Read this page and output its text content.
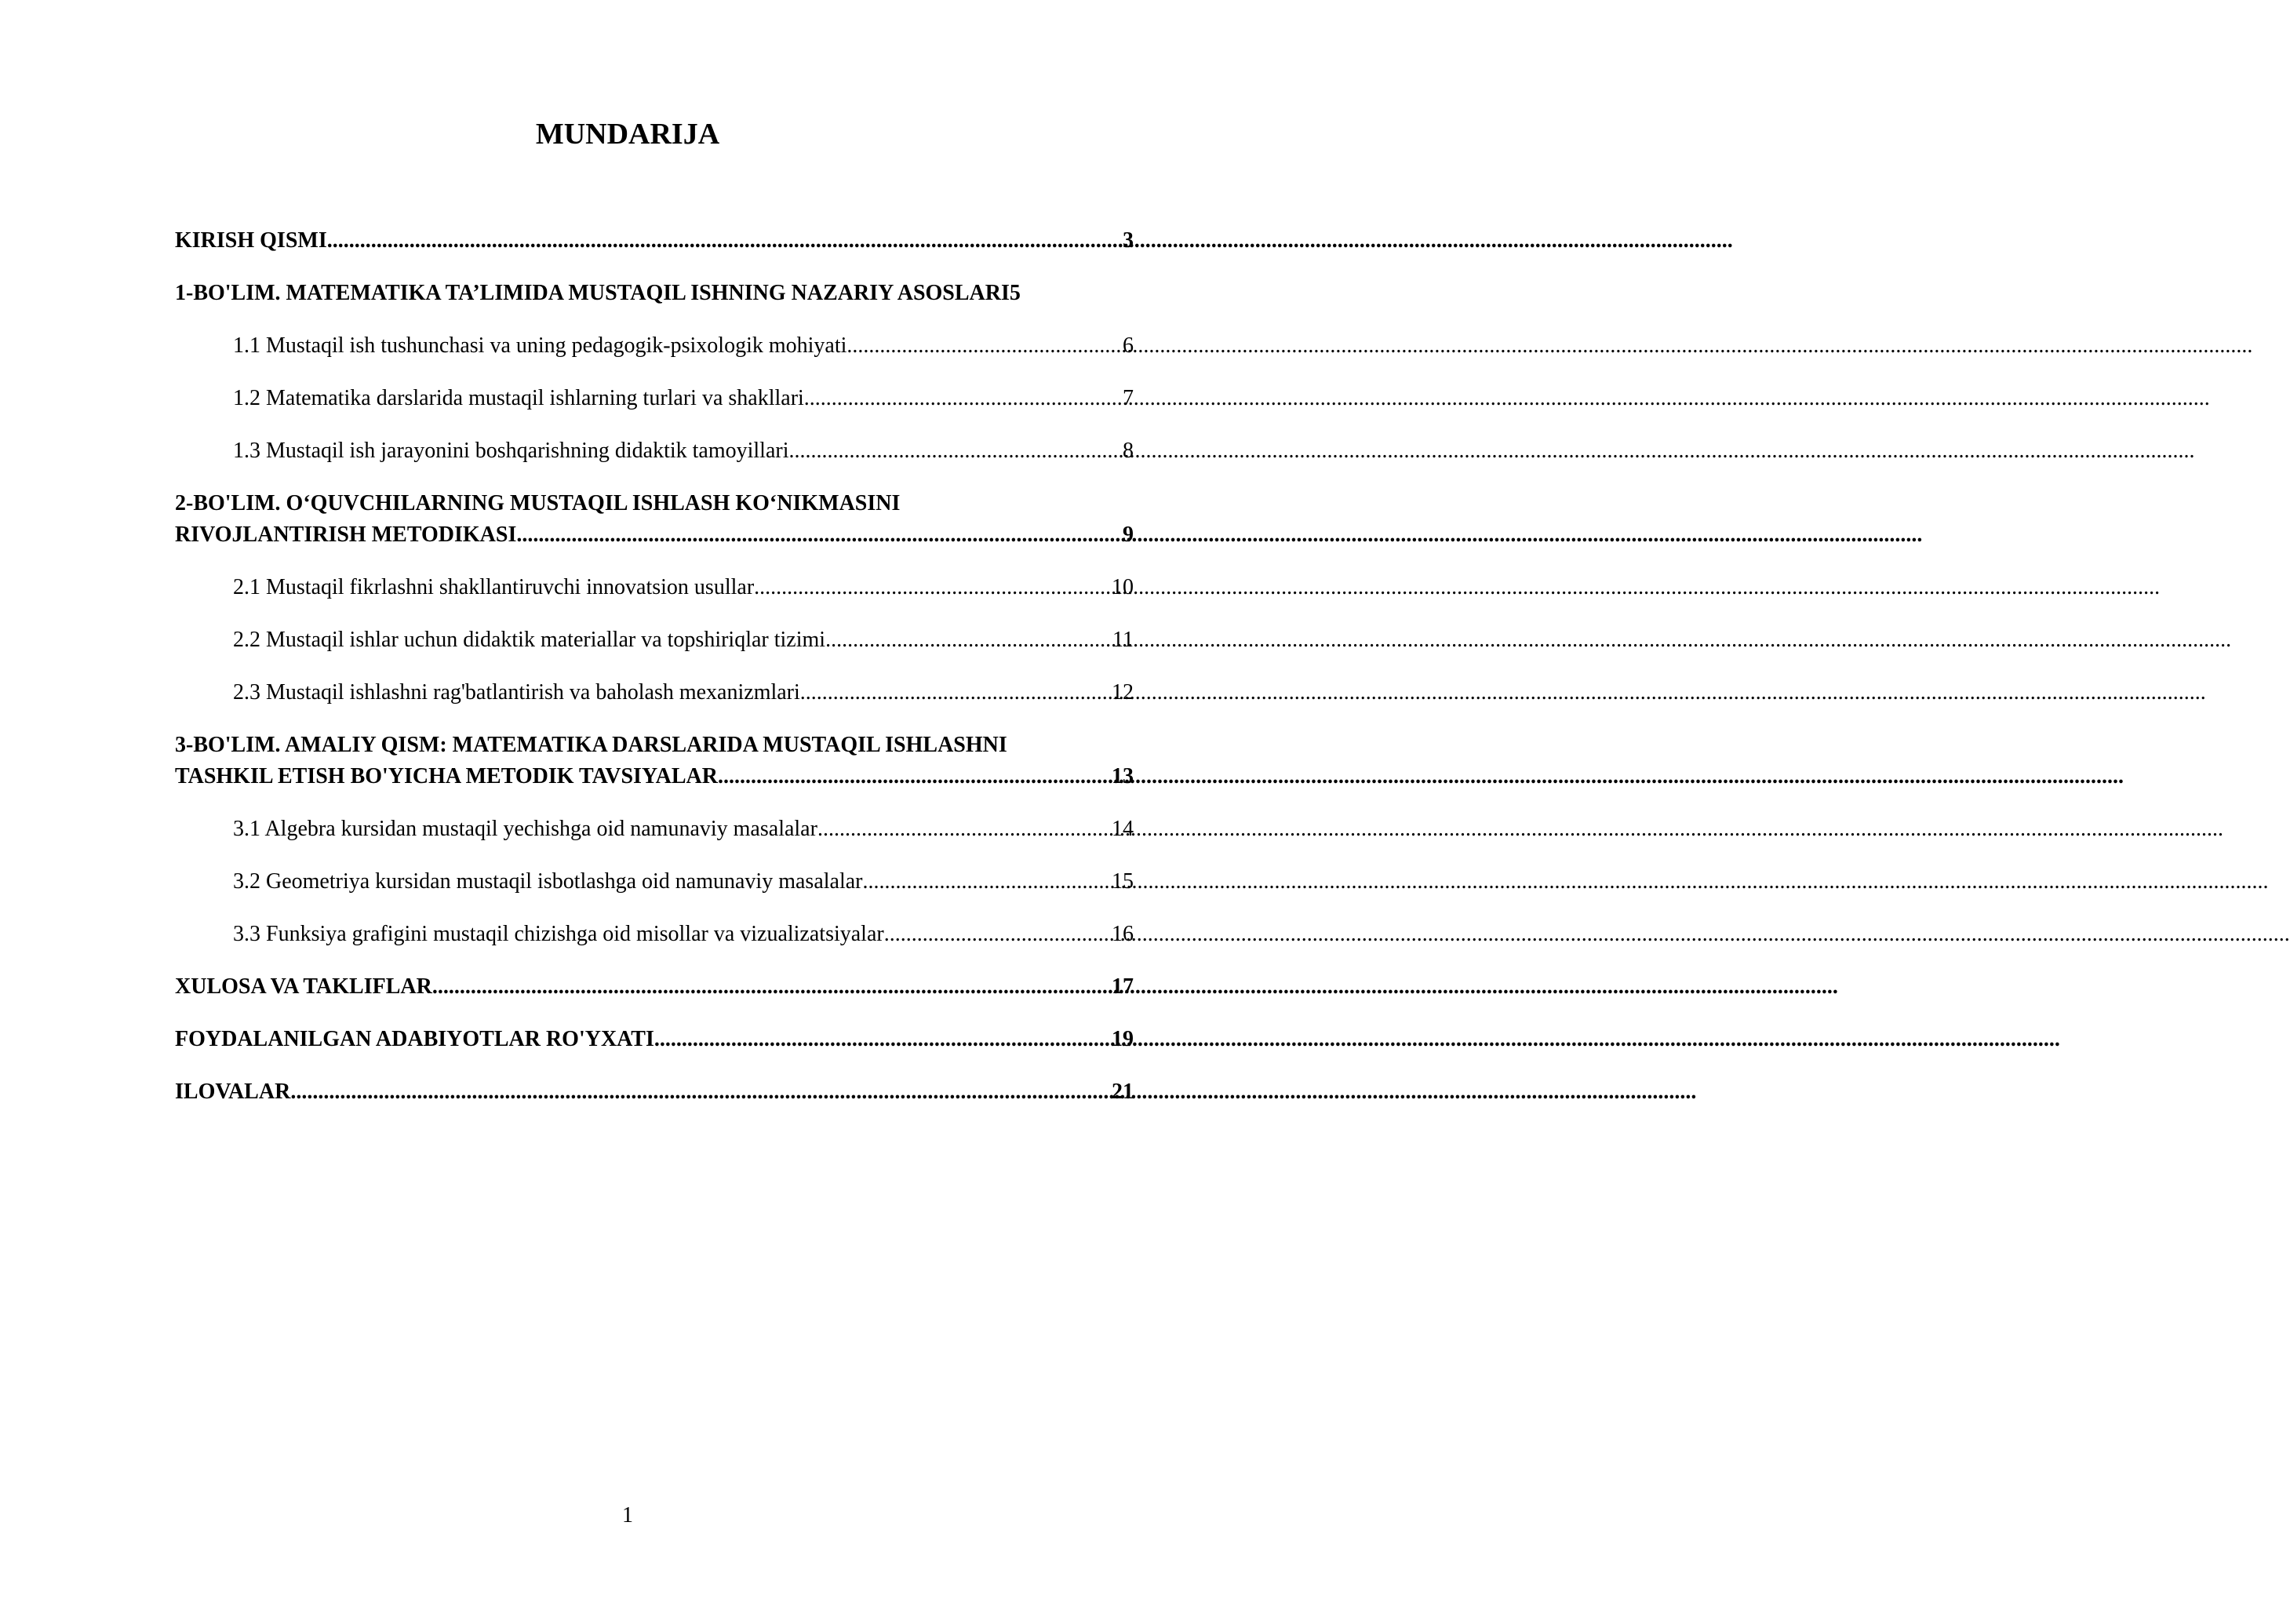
MUNDARIJA
KIRISH QISMI .....	3
1-BO'LIM. MATEMATIKA TA’LIMIDA MUSTAQIL ISHNING NAZARIY ASOSLARI 5
1.1 Mustaqil ish tushunchasi va uning pedagogik-psixologik mohiyati .....	6
1.2 Matematika darslarida mustaqil ishlarning turlari va shakllari .....	7
1.3 Mustaqil ish jarayonini boshqarishning didaktik tamoyillari .....	8
2-BO'LIM. O‘QUVCHILARNING MUSTAQIL ISHLASH KO‘NIKMASINI
RIVOJLANTIRISH METODIKASI .....	9
2.1 Mustaqil fikrlashni shakllantiruvchi innovatsion usullar .....	10
2.2 Mustaqil ishlar uchun didaktik materiallar va topshiriqlar tizimi .....	11
2.3 Mustaqil ishlashni rag'batlantirish va baholash mexanizmlari .....	12
3-BO'LIM. AMALIY QISM: MATEMATIKA DARSLARIDA MUSTAQIL ISHLASHNI
TASHKIL ETISH BO'YICHA METODIK TAVSIYALAR .....	13
3.1 Algebra kursidan mustaqil yechishga oid namunaviy masalalar .....	14
3.2 Geometriya kursidan mustaqil isbotlashga oid namunaviy masalalar .....	15
3.3 Funksiya grafigini mustaqil chizishga oid misollar va vizualizatsiyalar .....	16
XULOSA VA TAKLIFLAR .....	17
FOYDALANILGAN ADABIYOTLAR RO'YXATI .....	19
ILOVALAR .....	21
1
